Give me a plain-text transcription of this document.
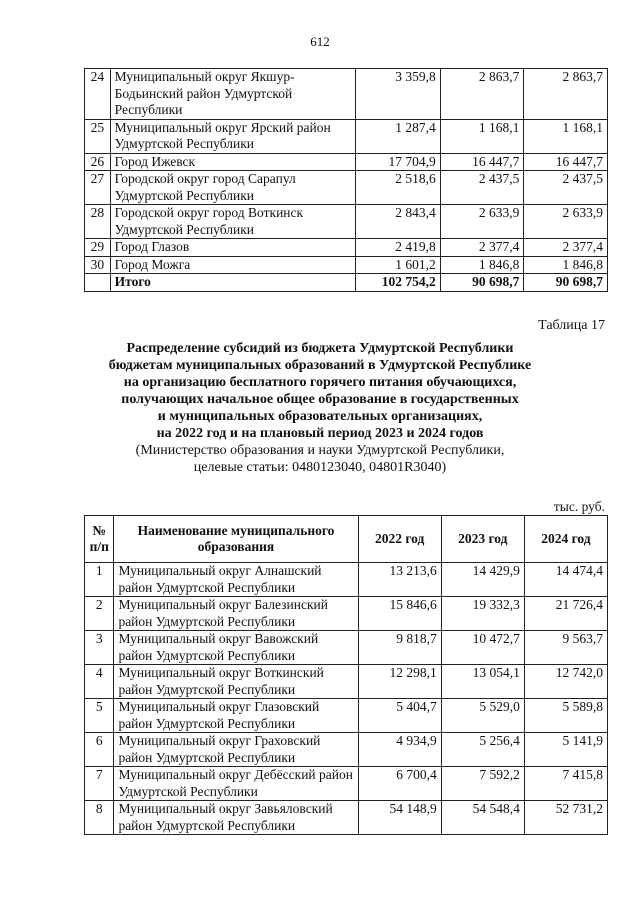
612
24	Муниципальный округ Якшур-Бодьинский район Удмуртской Республики	3 359,8	2 863,7	2 863,7
25	Муниципальный округ Ярский район Удмуртской Республики	1 287,4	1 168,1	1 168,1
26	Город Ижевск	17 704,9	16 447,7	16 447,7
27	Городской округ город Сарапул Удмуртской Республики	2 518,6	2 437,5	2 437,5
28	Городской округ город Воткинск Удмуртской Республики	2 843,4	2 633,9	2 633,9
29	Город Глазов	2 419,8	2 377,4	2 377,4
30	Город Можга	1 601,2	1 846,8	1 846,8
	Итого	102 754,2	90 698,7	90 698,7
Таблица 17
Распределение субсидий из бюджета Удмуртской Республики
бюджетам муниципальных образований в Удмуртской Республике
на организацию бесплатного горячего питания обучающихся,
получающих начальное общее образование в государственных
и муниципальных образовательных организациях,
на 2022 год и на плановый период 2023 и 2024 годов
(Министерство образования и науки Удмуртской Республики,
целевые статьи: 0480123040, 04801R3040)
тыс. руб.
№ п/п	Наименование муниципального образования	2022 год	2023 год	2024 год
1	Муниципальный округ Алнашский район Удмуртской Республики	13 213,6	14 429,9	14 474,4
2	Муниципальный округ Балезинский район Удмуртской Республики	15 846,6	19 332,3	21 726,4
3	Муниципальный округ Вавожский район Удмуртской Республики	9 818,7	10 472,7	9 563,7
4	Муниципальный округ Воткинский район Удмуртской Республики	12 298,1	13 054,1	12 742,0
5	Муниципальный округ Глазовский район Удмуртской Республики	5 404,7	5 529,0	5 589,8
6	Муниципальный округ Граховский район Удмуртской Республики	4 934,9	5 256,4	5 141,9
7	Муниципальный округ Дебёсский район Удмуртской Республики	6 700,4	7 592,2	7 415,8
8	Муниципальный округ Завьяловский район Удмуртской Республики	54 148,9	54 548,4	52 731,2
